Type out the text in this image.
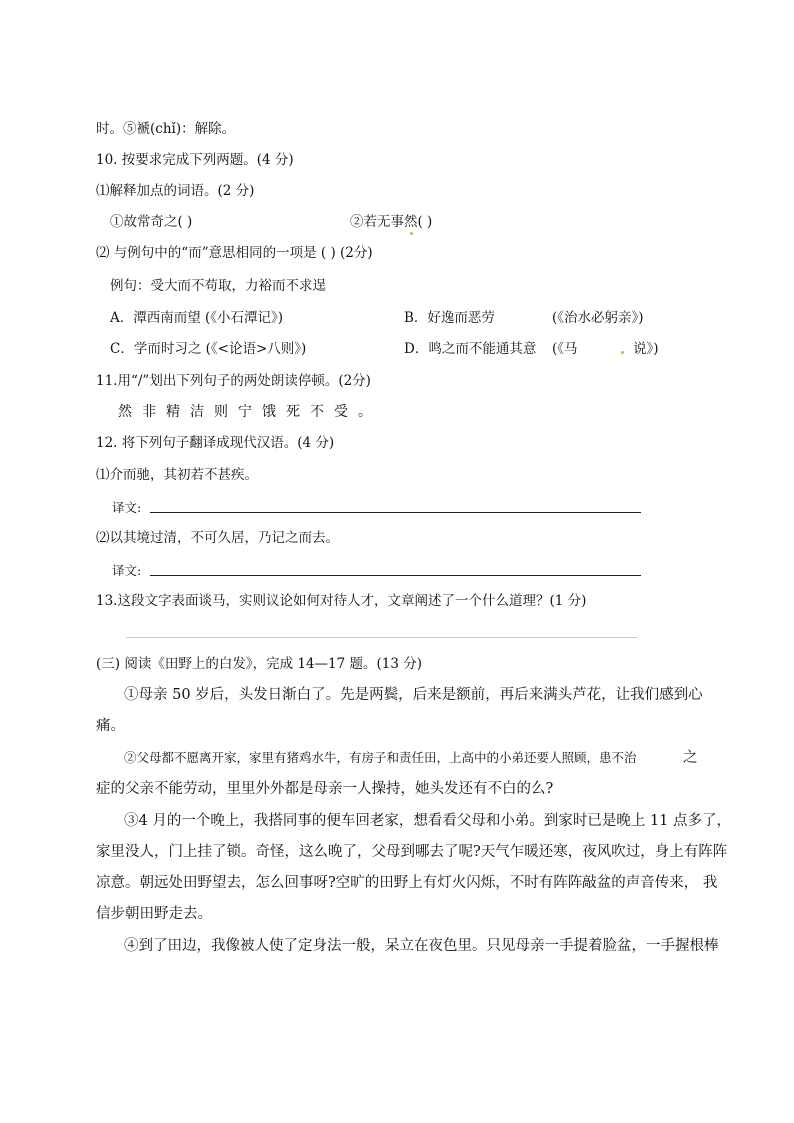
时。⑤褫(chǐ)：解除。
10. 按要求完成下列两题。(4 分)
⑴解释加点的词语。(2 分)
①故常奇之( )	②若无事然( )
⑵ 与例句中的“而”意思相同的一项是 ( ) (2分)
例句：受大而不苟取，力裕而不求逞
A．潭西南而望 (《小石潭记》)	B．好逸而恶劳	(《治水必躬亲》)
C．学而时习之 (《<论语>八则》)	D．鸣之而不能通其意 (《马	说》)
11.用“/”划出下列句子的两处朗读停顿。(2分)
然非精洁则宁饿死不受。
12. 将下列句子翻译成现代汉语。(4 分)
⑴介而驰，其初若不甚疾。
译文:
⑵以其境过清，不可久居，乃记之而去。
译文:
13.这段文字表面谈马，实则议论如何对待人才，文章阐述了一个什么道理？(1 分)
(三) 阅读《田野上的白发》，完成 14—17 题。(13 分)
①母亲 50 岁后，头发日渐白了。先是两鬓，后来是额前，再后来满头芦花，让我们感到心
痛。
②父母都不愿离开家，家里有猪鸡水牛，有房子和责任田，上高中的小弟还要人照顾，患不治	之
症的父亲不能劳动，里里外外都是母亲一人操持，她头发还有不白的么?
③4 月的一个晚上，我搭同事的便车回老家，想看看父母和小弟。到家时已是晚上 11 点多了，
家里没人，门上挂了锁。奇怪，这么晚了，父母到哪去了呢?天气乍暖还寒，夜风吹过，身上有阵阵
凉意。朝远处田野望去，怎么回事呀?空旷的田野上有灯火闪烁，不时有阵阵敲盆的声音传来， 我
信步朝田野走去。
④到了田边，我像被人使了定身法一般，呆立在夜色里。只见母亲一手提着脸盆，一手握根棒
